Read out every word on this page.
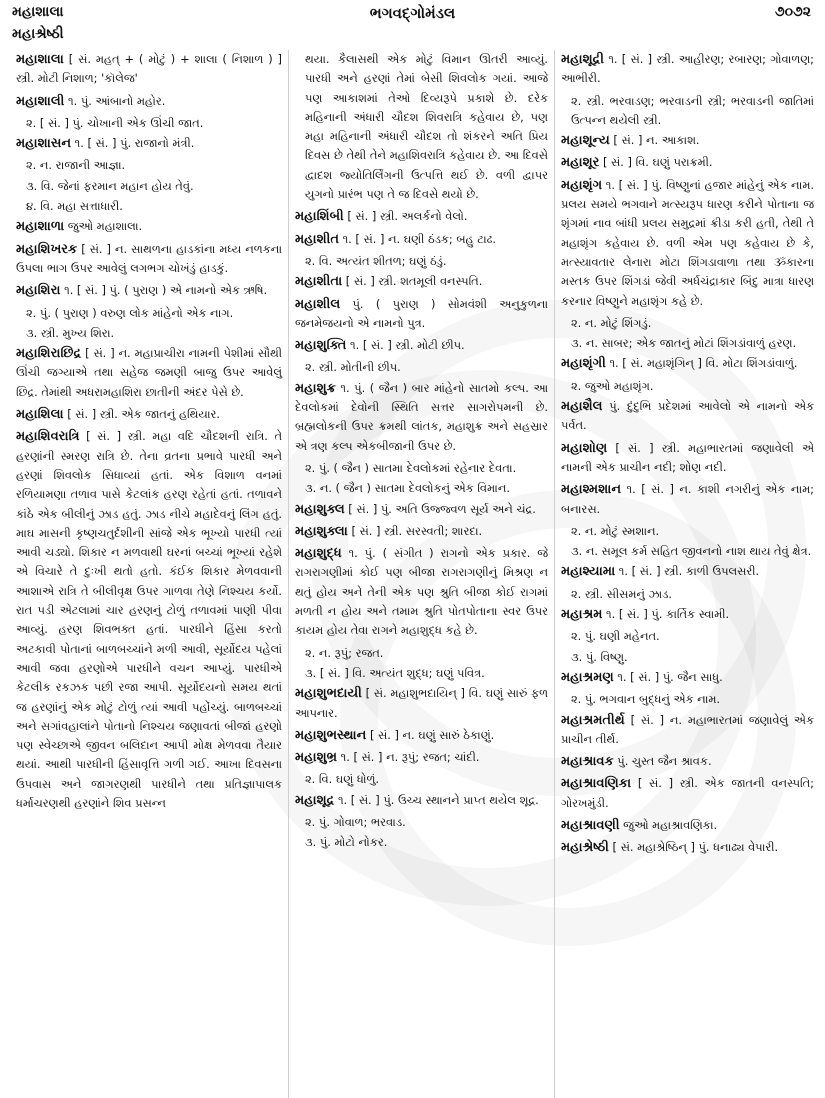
મહાશાલા
મહાશ્રેષ્ઠી
ભગવદ્ગોમંડલ	૭૦૭૨
મહાશાલા [ સં. મહત્ + ( મોટું ) + શાલા ( નિશાળ ) ] સ્ત્રી. મોટી નિશાળ; 'કૉલેજ'
મહાશાલી ૧. પું. આંબાનો મહોર.
૨. [ સં. ] પું. ચોખાની એક ઊંચી જાત.
મહાશાસન ૧. [ સં. ] પું. રાજાનો મંત્રી.
૨. ન. રાજાની આજ્ઞા.
૩. વિ. જેનાં ફરમાન મહાન હોય તેવું.
૪. વિ. મહા સત્તાધારી.
મહાશાળા જુઓ મહાશાલા.
મહાશિખરક [ સં. ] ન. સાથળના હાડકાંના મધ્ય નળકના ઉપલા ભાગ ઉપર આવેલું લગભગ ચોખંડું હાડકું.
મહાશિરા ૧. [ સં. ] પું. ( પુરાણ ) એ નામનો એક ઋષિ.
૨. પું. ( પુરાણ ) વરુણ લોક માંહેનો એક નાગ.
૩. સ્ત્રી. મુખ્ય શિરા.
મહાશિરાછિદ્ર [ સં. ] ન. મહાપ્રાચીરા નામની પેશીમાં સૌથી ઊંચી જગ્યાએ તથા સહેજ જમણી બાજુ ઉપર આવેલું છિદ્ર. તેમાંથી અધરામહાશિરા છાતીની અંદર પેસે છે.
મહાશિલા [ સં. ] સ્ત્રી. એક જાતનું હથિયાર.
મહાશિવરાત્રિ [ સં. ] સ્ત્રી. મહા વદિ ચૌદશની રાત્રિ. તે હરણાંની સ્મરણ રાત્રિ છે. તેના વ્રતના પ્રભાવે પારધી અને હરણાં શિવલોક સિધાવ્યાં હતાં. એક વિશાળ વનમાં રળિયામણા તળાવ પાસે કેટલાંક હરણ રહેતાં હતાં. તળાવને કાંઠે એક બીલીનું ઝાડ હતું. ઝાડ નીચે મહાદેવનું લિંગ હતું. માઘ માસની કૃષ્ણચતુર્દશીની સાંજે એક ભૂખ્યો પારધી ત્યાં આવી ચડ્યો. શિકાર ન મળવાથી ઘરનાં બચ્ચાં ભૂખ્યાં રહેશે એ વિચારે તે દુઃખી થતો હતો. કંઈક શિકાર મેળવવાની આશાએ રાત્રિ તે બીલીવૃક્ષ ઉપર ગાળવા તેણે નિશ્ચય કર્યો. રાત પડી એટલામાં ચાર હરણનું ટોળું તળાવમાં પાણી પીવા આવ્યું. હરણ શિવભક્ત હતાં. પારધીને હિંસા કરતો અટકાવી પોતાનાં બાળબચ્ચાંને મળી આવી, સૂર્યોદય પહેલાં આવી જવા હરણોએ પારધીને વચન આપ્યું. પારધીએ કેટલીક રકઝક પછી રજા આપી. સૂર્યોદયનો સમય થતાં જ હરણાંનું એક મોટું ટોળું ત્યાં આવી પહોંચ્યું. બાળબચ્ચાં અને સગાંવહાલાંને પોતાનો નિશ્ચય જણાવતાં બીજાં હરણો પણ સ્વેચ્છાએ જીવન બલિદાન આપી મોક્ષ મેળવવા તૈયાર થયાં. આથી પારધીની હિંસાવૃત્તિ ગળી ગઈ. આખા દિવસના ઉપવાસ અને જાગરણથી પારધીને તથા પ્રતિજ્ઞાપાલક ધર્માચરણથી હરણાંને શિવ પ્રસન્ન
થયા. કૈલાસથી એક મોટું વિમાન ઊતરી આવ્યું. પારધી અને હરણાં તેમાં બેસી શિવલોક ગયાં. આજે પણ આકાશમાં તેઓ દિવ્યરૂપે પ્રકાશે છે. દરેક મહિનાની અંધારી ચૌદશ શિવરાત્રિ કહેવાય છે, પણ મહા મહિનાની અંધારી ચૌદશ તો શંકરને અતિ પ્રિય દિવસ છે તેથી તેને મહાશિવરાત્રિ કહેવાય છે. આ દિવસે દ્વાદશ જ્યોતિર્લિંગની ઉત્પત્તિ થઈ છે. વળી દ્વાપર યુગનો પ્રારંભ પણ તે જ દિવસે થયો છે.
મહાશિંબી [ સં. ] સ્ત્રી. અલર્કનો વેલો.
મહાશીત ૧. [ સં. ] ન. ઘણી ઠંડક; બહુ ટાઢ.
૨. વિ. અત્યંત શીતળ; ઘણું ઠંડું.
મહાશીતા [ સં. ] સ્ત્રી. શતમૂલી વનસ્પતિ.
મહાશીલ પું. ( પુરાણ ) સોમવંશી અનુકુળના જનમેજયનો એ નામનો પુત્ર.
મહાશુક્તિ ૧. [ સં. ] સ્ત્રી. મોટી છીપ.
૨. સ્ત્રી. મોતીની છીપ.
મહાશુક્ર ૧. પું. ( જૈન ) બાર માંહેનો સાતમો કલ્પ. આ દેવલોકમાં દેવોની સ્થિતિ સત્તર સાગરોપમની છે. બ્રહ્મલોકની ઉપર ક્રમથી લાંતક, મહાશુક્ર અને સહસ્રાર એ ત્રણ કલ્પ એકબીજાની ઉપર છે.
૨. પું. ( જૈન ) સાતમા દેવલોકમાં રહેનાર દેવતા.
૩. ન. ( જૈન ) સાતમા દેવલોકનું એક વિમાન.
મહાશુક્લ [ સં. ] પું. અતિ ઉજ્જ્વળ સૂર્ય અને ચંદ્ર.
મહાશુક્લા [ સં. ] સ્ત્રી. સરસ્વતી; શારદા.
મહાશુદ્ધ ૧. પું. ( સંગીત ) રાગનો એક પ્રકાર. જે રાગરાગણીમાં કોઈ પણ બીજા રાગરાગણીનું મિશ્રણ ન થતું હોય અને તેની એક પણ શ્રુતિ બીજા કોઈ રાગમાં મળતી ન હોય અને તમામ શ્રુતિ પોતપોતાના સ્વર ઉપર કાયમ હોય તેવા રાગને મહાશુદ્ધ કહે છે.
૨. ન. રૂપું; રજત.
૩. [ સં. ] વિ. અત્યંત શુદ્ધ; ઘણું પવિત્ર.
મહાશુભદાયી [ સં. મહાશુભદાયિન્ ] વિ. ઘણું સારું ફળ આપનાર.
મહાશુભસ્થાન [ સં. ] ન. ઘણું સારું ઠેકાણું.
મહાશુભ્ર ૧. [ સં. ] ન. રૂપું; રજત; ચાંદી.
૨. વિ. ઘણું ધોળું.
મહાશૂદ્ર ૧. [ સં. ] પું. ઉચ્ચ સ્થાનને પ્રાપ્ત થયેલ શૂદ્ર.
૨. પું. ગોવાળ; ભરવાડ.
૩. પું. મોટો નોકર.
મહાશૂદ્રી ૧. [ સં. ] સ્ત્રી. આહીરણ; રબારણ; ગોવાળણ; આભીરી.
૨. સ્ત્રી. ભરવાડણ; ભરવાડની સ્ત્રી; ભરવાડની જાતિમાં ઉત્પન્ન થયેલી સ્ત્રી.
મહાશૂન્ય [ સં. ] ન. આકાશ.
મહાશૂર [ સં. ] વિ. ઘણું પરાક્રમી.
મહાશૃંગ ૧. [ સં. ] પું. વિષ્ણુનાં હજાર માંહેનું એક નામ. પ્રલય સમયે ભગવાને મત્સ્યરૂપ ધારણ કરીને પોતાના જ શૃંગમાં નાવ બાંધી પ્રલય સમુદ્રમાં ક્રીડા કરી હતી, તેથી તે મહાશૃંગ કહેવાય છે. વળી એમ પણ કહેવાય છે કે, મત્સ્યાવતાર લેનારા મોટા શિંગડાવાળા તથા ૐકારના મસ્તક ઉપર શિંગડાં જેવી અર્ધચંદ્રાકાર બિંદુ માત્રા ધારણ કરનાર વિષ્ણુને મહાશૃંગ કહે છે.
૨. ન. મોટું શિંગડું.
૩. ન. સાબર; એક જાતનું મોટાં શિંગડાંવાળું હરણ.
મહાશૃંગી ૧. [ સં. મહાશૃંગિન્ ] વિ. મોટા શિંગડાંવાળું.
૨. જુઓ મહાશૃંગ.
મહાશૈલ પું. દુંદુભિ પ્રદેશમાં આવેલો એ નામનો એક પર્વત.
મહાશોણ [ સં. ] સ્ત્રી. મહાભારતમાં જણાવેલી એ નામની એક પ્રાચીન નદી; શોણ નદી.
મહાશ્મશાન ૧. [ સં. ] ન. કાશી નગરીનું એક નામ; બનારસ.
૨. ન. મોટું સ્મશાન.
૩. ન. સમૂલ કર્મ સહિત જીવનનો નાશ થાય તેવું ક્ષેત્ર.
મહાશ્યામા ૧. [ સં. ] સ્ત્રી. કાળી ઉપલસરી.
૨. સ્ત્રી. સીસમનું ઝાડ.
મહાશ્રમ ૧. [ સં. ] પું. કાર્તિક સ્વામી.
૨. પું. ઘણી મહેનત.
૩. પું. વિષ્ણુ.
મહાશ્રમણ ૧. [ સં. ] પું. જૈન સાધુ.
૨. પું. ભગવાન બુદ્ધનું એક નામ.
મહાશ્રમતીર્થ [ સં. ] ન. મહાભારતમાં જણાવેલું એક પ્રાચીન તીર્થ.
મહાશ્રાવક પું. ચુસ્ત જૈન શ્રાવક.
મહાશ્રાવણિકા [ સં. ] સ્ત્રી. એક જાતની વનસ્પતિ; ગોરખમુંડી.
મહાશ્રાવણી જુઓ મહાશ્રાવણિકા.
મહાશ્રેષ્ઠી [ સં. મહાશ્રેષ્ઠિન્ ] પું. ધનાઢ્ય વેપારી.
